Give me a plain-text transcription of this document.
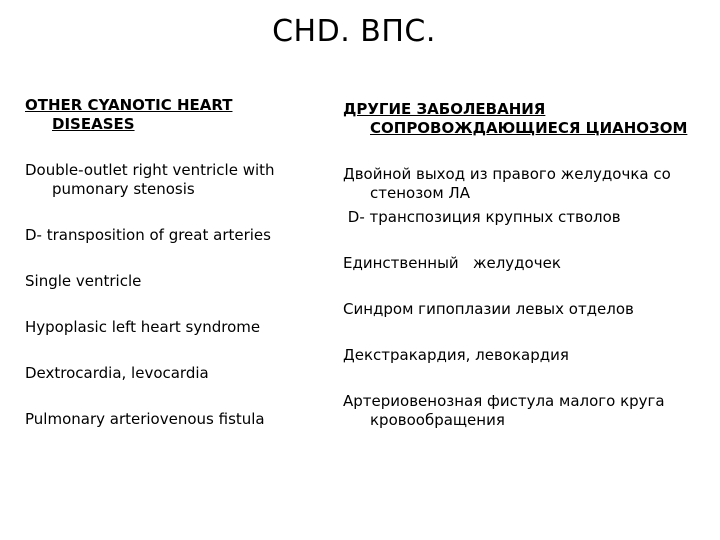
CHD. ВПС.

OTHER CYANOTIC HEART DISEASES

Double-outlet right ventricle with pumonary stenosis

D- transposition of great arteries

Single ventricle

Hypoplasic left heart syndrome

Dextrocardia, levocardia

Pulmonary arteriovenous fistula

ДРУГИЕ ЗАБОЛЕВАНИЯ СОПРОВОЖДАЮЩИЕСЯ ЦИАНОЗОМ

Двойной выход из правого желудочка со стенозом ЛА

D- транспозиция крупных стволов

Единственный   желудочек

Синдром гипоплазии левых отделов

Декстракардия, левокардия

Артериовенозная фистула малого круга кровообращения
